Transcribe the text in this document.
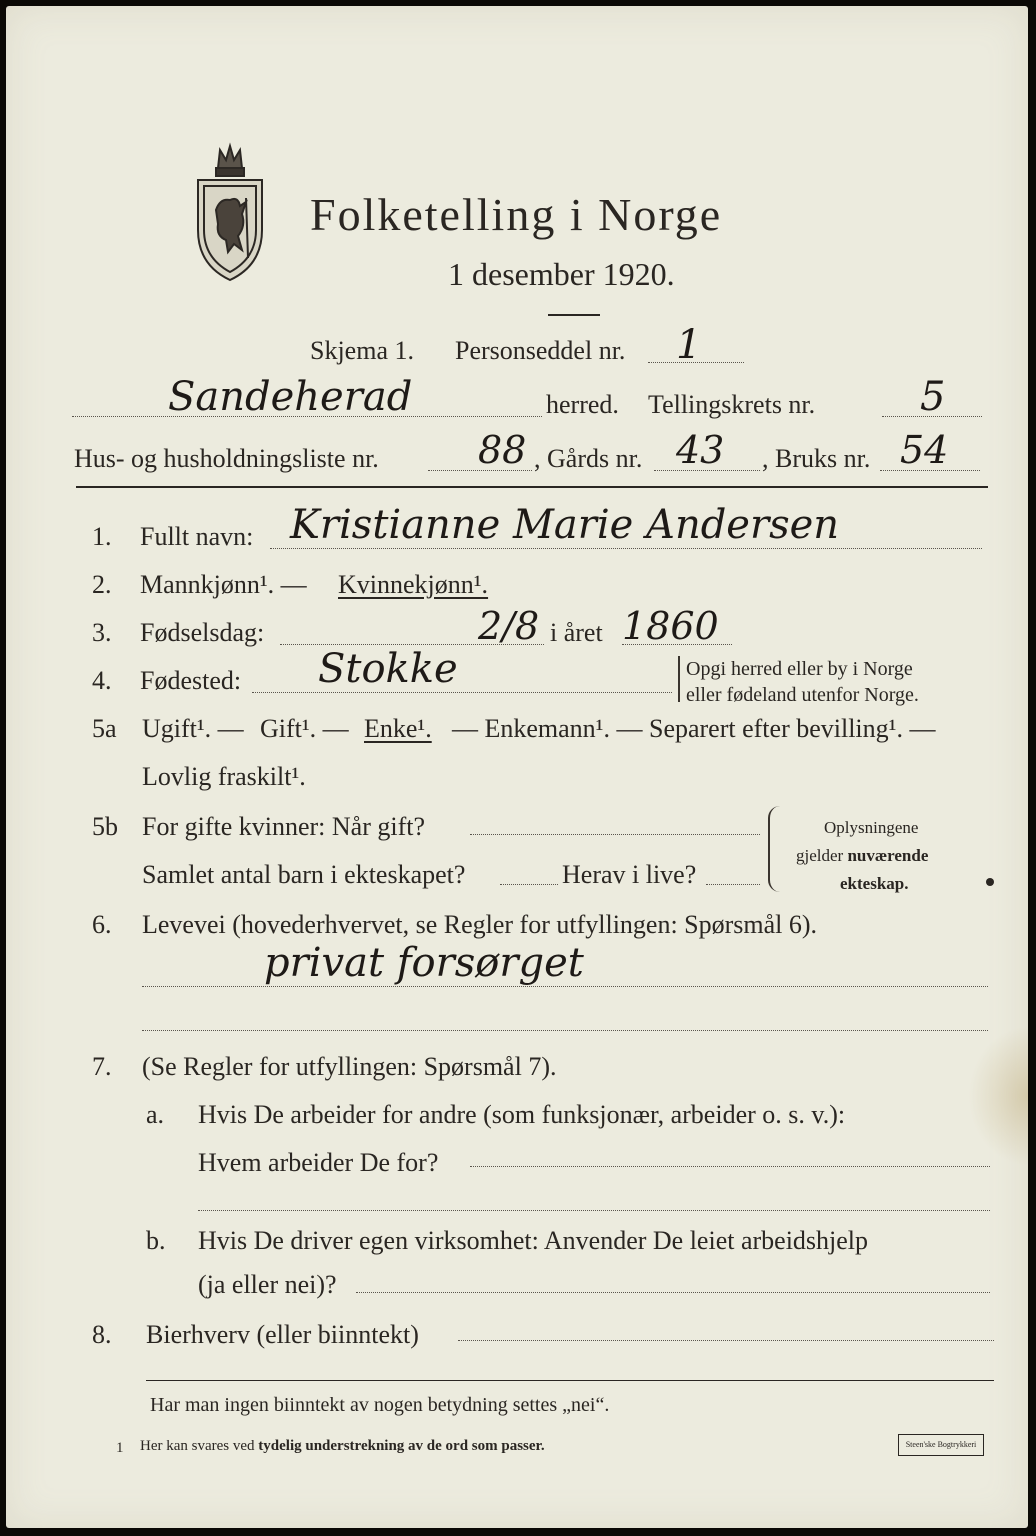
Folketelling i Norge
1 desember 1920.
Skjema 1. Personseddel nr. 1
Sandeherad	herred. Tellingskrets nr.	5
Hus- og husholdningsliste nr.	88 , Gårds nr. 43 , Bruks nr. 54
1. Fullt navn: Kristianne Marie Andersen
2. Mannkjønn¹. — Kvinnekjønn¹.
3. Fødselsdag:	2/8 i året 1860
4. Fødested: Stokke	Opgi herred eller by i Norge
eller fødeland utenfor Norge.
5a Ugift¹. — Gift¹. — Enke¹. — Enkemann¹. — Separert efter bevilling¹. —
Lovlig fraskilt¹.
5b For gifte kvinner: Når gift?
Samlet antal barn i ekteskapet?	Herav i live?
Oplysningene
gjelder nuværende
ekteskap.
6. Levevei (hovederhvervet, se Regler for utfyllingen: Spørsmål 6).
privat forsørget
7. (Se Regler for utfyllingen: Spørsmål 7).
a. Hvis De arbeider for andre (som funksjonær, arbeider o. s. v.):
Hvem arbeider De for?
b. Hvis De driver egen virksomhet: Anvender De leiet arbeidshjelp
(ja eller nei)?
8. Bierhverv (eller biinntekt)
Har man ingen biinntekt av nogen betydning settes „nei“.
1 Her kan svares ved tydelig understrekning av de ord som passer.	Steen'ske Bogtrykkeri
